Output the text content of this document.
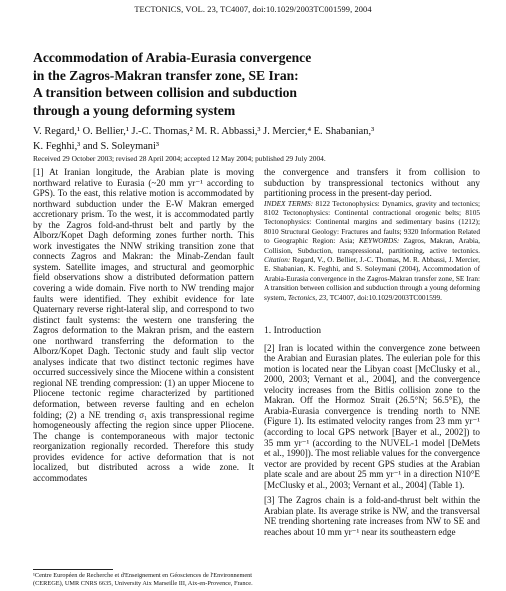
TECTONICS, VOL. 23, TC4007, doi:10.1029/2003TC001599, 2004
Accommodation of Arabia-Eurasia convergence
in the Zagros-Makran transfer zone, SE Iran:
A transition between collision and subduction
through a young deforming system
V. Regard,¹ O. Bellier,¹ J.-C. Thomas,² M. R. Abbassi,³ J. Mercier,⁴ E. Shabanian,³
K. Feghhi,³ and S. Soleymani³
Received 29 October 2003; revised 28 April 2004; accepted 12 May 2004; published 29 July 2004.

[1] At Iranian longitude, the Arabian plate is moving northward relative to Eurasia (~20 mm yr⁻¹ according to GPS). To the east, this relative motion is accommodated by northward subduction under the E-W Makran emerged accretionary prism. To the west, it is accommodated partly by the Zagros fold-and-thrust belt and partly by the Alborz/Kopet Dagh deforming zones further north. This work investigates the NNW striking transition zone that connects Zagros and Makran: the Minab-Zendan fault system. Satellite images, and structural and geomorphic field observations show a distributed deformation pattern covering a wide domain. Five north to NW trending major faults were identified. They exhibit evidence for late Quaternary reverse right-lateral slip, and correspond to two distinct fault systems: the western one transfering the Zagros deformation to the Makran prism, and the eastern one northward transferring the deformation to the Alborz/Kopet Dagh. Tectonic study and fault slip vector analyses indicate that two distinct tectonic regimes have occurred successively since the Miocene within a consistent regional NE trending compression: (1) an upper Miocene to Pliocene tectonic regime characterized by partitioned deformation, between reverse faulting and en echelon folding; (2) a NE trending σ₁ axis transpressional regime homogeneously affecting the region since upper Pliocene. The change is contemporaneous with major tectonic reorganization regionally recorded. Therefore this study provides evidence for active deformation that is not localized, but distributed across a wide zone. It accommodates

the convergence and transfers it from collision to subduction by transpressional tectonics without any partitioning process in the present-day period.

INDEX TERMS: 8122 Tectonophysics: Dynamics, gravity and tectonics; 8102 Tectonophysics: Continental contractional orogenic belts; 8105 Tectonophysics: Continental margins and sedimentary basins (1212); 8010 Structural Geology: Fractures and faults; 9320 Information Related to Geographic Region: Asia; KEYWORDS: Zagros, Makran, Arabia, Collision, Subduction, transpressional, partitioning, active tectonics. Citation: Regard, V., O. Bellier, J.-C. Thomas, M. R. Abbassi, J. Mercier, E. Shabanian, K. Feghhi, and S. Soleymani (2004), Accommodation of Arabia-Eurasia convergence in the Zagros-Makran transfer zone, SE Iran: A transition between collision and subduction through a young deforming system, Tectonics, 23, TC4007, doi:10.1029/2003TC001599.

1. Introduction

[2] Iran is located within the convergence zone between the Arabian and Eurasian plates. The eulerian pole for this motion is located near the Libyan coast [McClusky et al., 2000, 2003; Vernant et al., 2004], and the convergence velocity increases from the Bitlis collision zone to the Makran. Off the Hormoz Strait (26.5°N; 56.5°E), the Arabia-Eurasia convergence is trending north to NNE (Figure 1). Its estimated velocity ranges from 23 mm yr⁻¹ (according to local GPS network [Bayer et al., 2002]) to 35 mm yr⁻¹ (according to the NUVEL-1 model [DeMets et al., 1990]). The most reliable values for the convergence vector are provided by recent GPS studies at the Arabian plate scale and are about 25 mm yr⁻¹ in a direction N10°E [McClusky et al., 2003; Vernant et al., 2004] (Table 1).

[3] The Zagros chain is a fold-and-thrust belt within the Arabian plate. Its average strike is NW, and the transversal NE trending shortening rate increases from NW to SE and reaches about 10 mm yr⁻¹ near its southeastern edge

¹Centre Européen de Recherche et d'Enseignement en Géosciences de l'Environnement (CEREGE), UMR CNRS 6635, University Aix Marseille III, Aix-en-Provence, France.
